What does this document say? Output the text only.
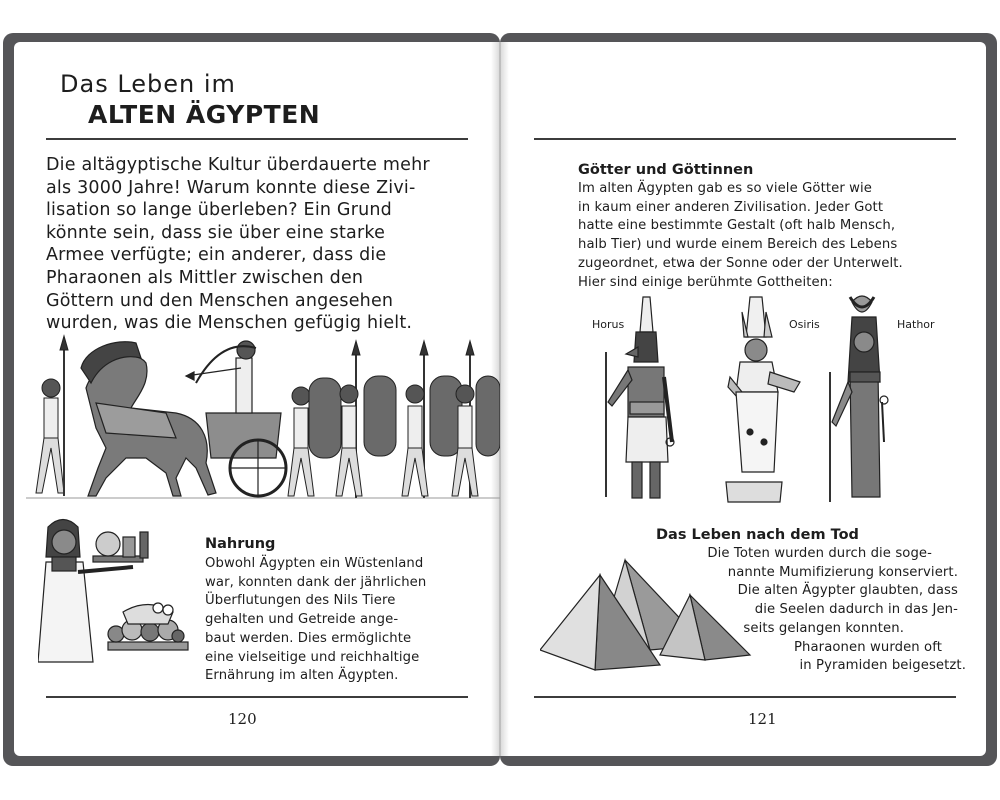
Das Leben im
ALTEN ÄGYPTEN
Die altägyptische Kultur überdauerte mehr
als 3000 Jahre! Warum konnte diese Zivi-
lisation so lange überleben? Ein Grund
könnte sein, dass sie über eine starke
Armee verfügte; ein anderer, dass die
Pharaonen als Mittler zwischen den
Göttern und den Menschen angesehen
wurden, was die Menschen gefügig hielt.
Nahrung
Obwohl Ägypten ein Wüstenland
war, konnten dank der jährlichen
Überflutungen des Nils Tiere
gehalten und Getreide ange-
baut werden. Dies ermöglichte
eine vielseitige und reichhaltige
Ernährung im alten Ägypten.
120
Götter und Göttinnen
Im alten Ägypten gab es so viele Götter wie
in kaum einer anderen Zivilisation. Jeder Gott
hatte eine bestimmte Gestalt (oft halb Mensch,
halb Tier) und wurde einem Bereich des Lebens
zugeordnet, etwa der Sonne oder der Unterwelt.
Hier sind einige berühmte Gottheiten:
Horus	Osiris	Hathor
Das Leben nach dem Tod
Die Toten wurden durch die soge-
nannte Mumifizierung konserviert.
Die alten Ägypter glaubten, dass
die Seelen dadurch in das Jen-
seits gelangen konnten.
Pharaonen wurden oft
in Pyramiden beigesetzt.
121
